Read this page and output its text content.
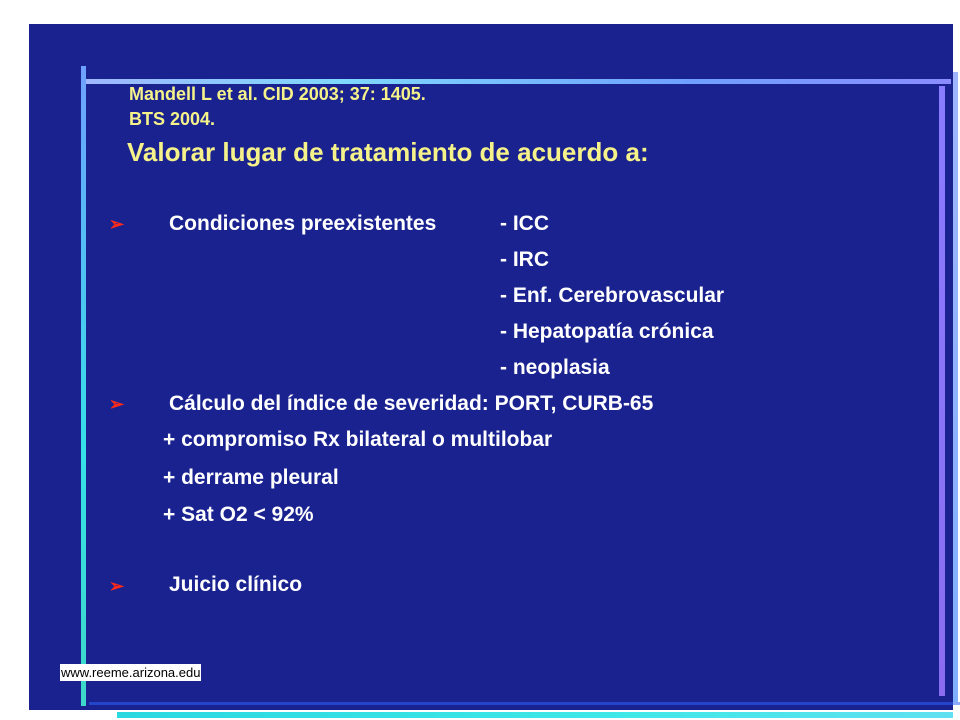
Mandell L et al. CID 2003; 37: 1405.
BTS 2004.
Valorar lugar de tratamiento de acuerdo a:
➢ Condiciones preexistentes	- ICC
- IRC
- Enf. Cerebrovascular
- Hepatopatía crónica
- neoplasia
➢ Cálculo del índice de severidad: PORT, CURB-65
+ compromiso Rx bilateral o multilobar
+ derrame pleural
+ Sat O2 < 92%
➢ Juicio clínico
www.reeme.arizona.edu
